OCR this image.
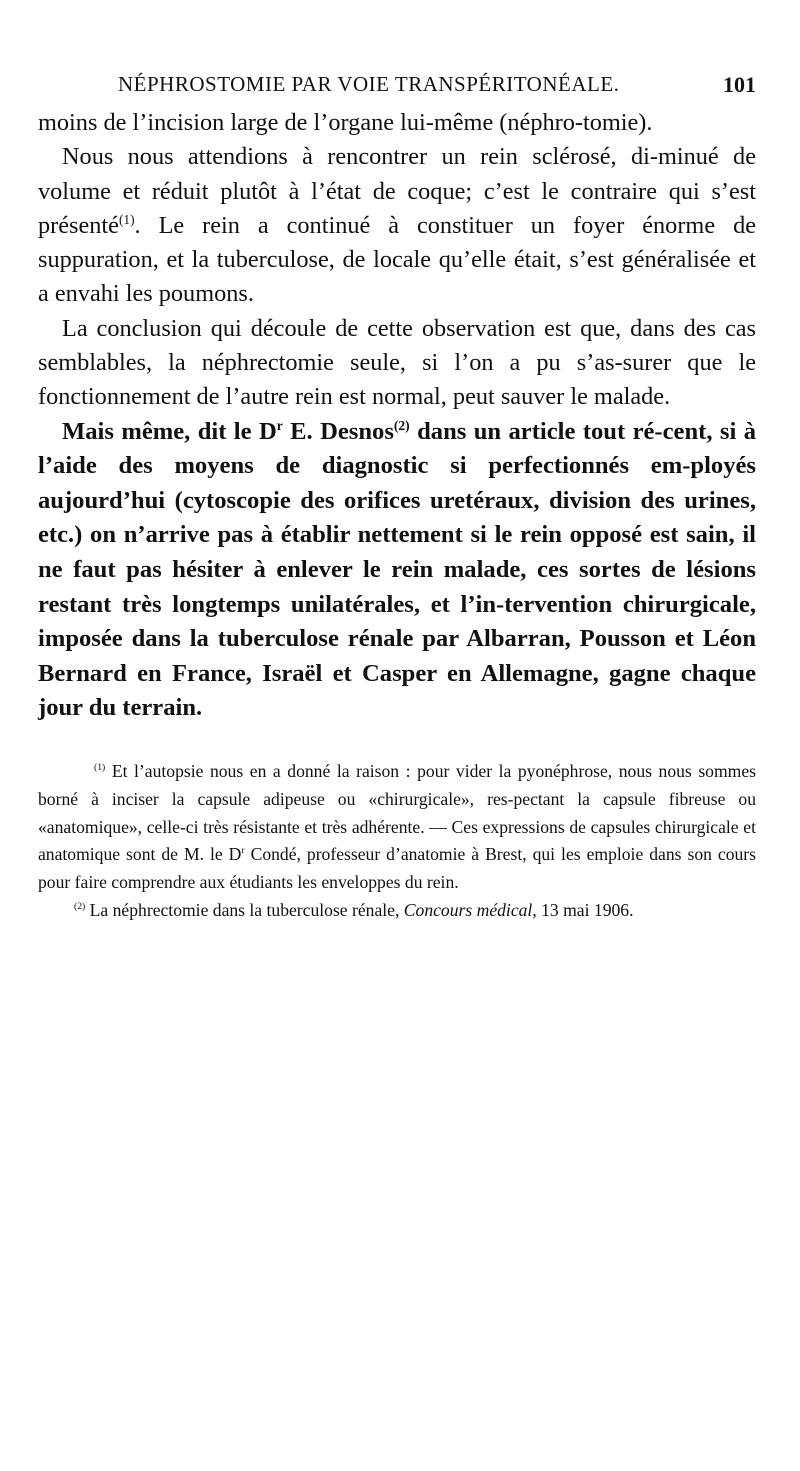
NÉPHROSTOMIE PAR VOIE TRANSPÉRITONÉALE.	101

moins de l’incision large de l’organe lui-même (néphro-tomie).

Nous nous attendions à rencontrer un rein sclérosé, di-minué de volume et réduit plutôt à l’état de coque; c’est le contraire qui s’est présenté$^{(1)}$. Le rein a continué à constituer un foyer énorme de suppuration, et la tuberculose, de locale qu’elle était, s’est généralisée et a envahi les poumons.

La conclusion qui découle de cette observation est que, dans des cas semblables, la néphrectomie seule, si l’on a pu s’as-surer que le fonctionnement de l’autre rein est normal, peut sauver le malade.

Mais même, dit le $D^r$ E. Desnos$^{(2)}$ dans un article tout ré-cent, si à l’aide des moyens de diagnostic si perfectionnés em-ployés aujourd’hui (cytoscopie des orifices uretéraux, division des urines, etc.) on n’arrive pas à établir nettement si le rein opposé est sain, il ne faut pas hésiter à enlever le rein malade, ces sortes de lésions restant très longtemps unilatérales, et l’in-tervention chirurgicale, imposée dans la tuberculose rénale par Albarran, Pousson et Léon Bernard en France, Israël et Casper en Allemagne, gagne chaque jour du terrain.

$^{(1)}$ Et l’autopsie nous en a donné la raison : pour vider la pyonéphrose, nous nous sommes borné à inciser la capsule adipeuse ou «chirurgicale», res-pectant la capsule fibreuse ou «anatomique», celle-ci très résistante et très adhérente. — Ces expressions de capsules chirurgicale et anatomique sont de M. le $D^r$ Condé, professeur d’anatomie à Brest, qui les emploie dans son cours pour faire comprendre aux étudiants les enveloppes du rein.

$^{(2)}$ La néphrectomie dans la tuberculose rénale, Concours médical, 13 mai 1906.
